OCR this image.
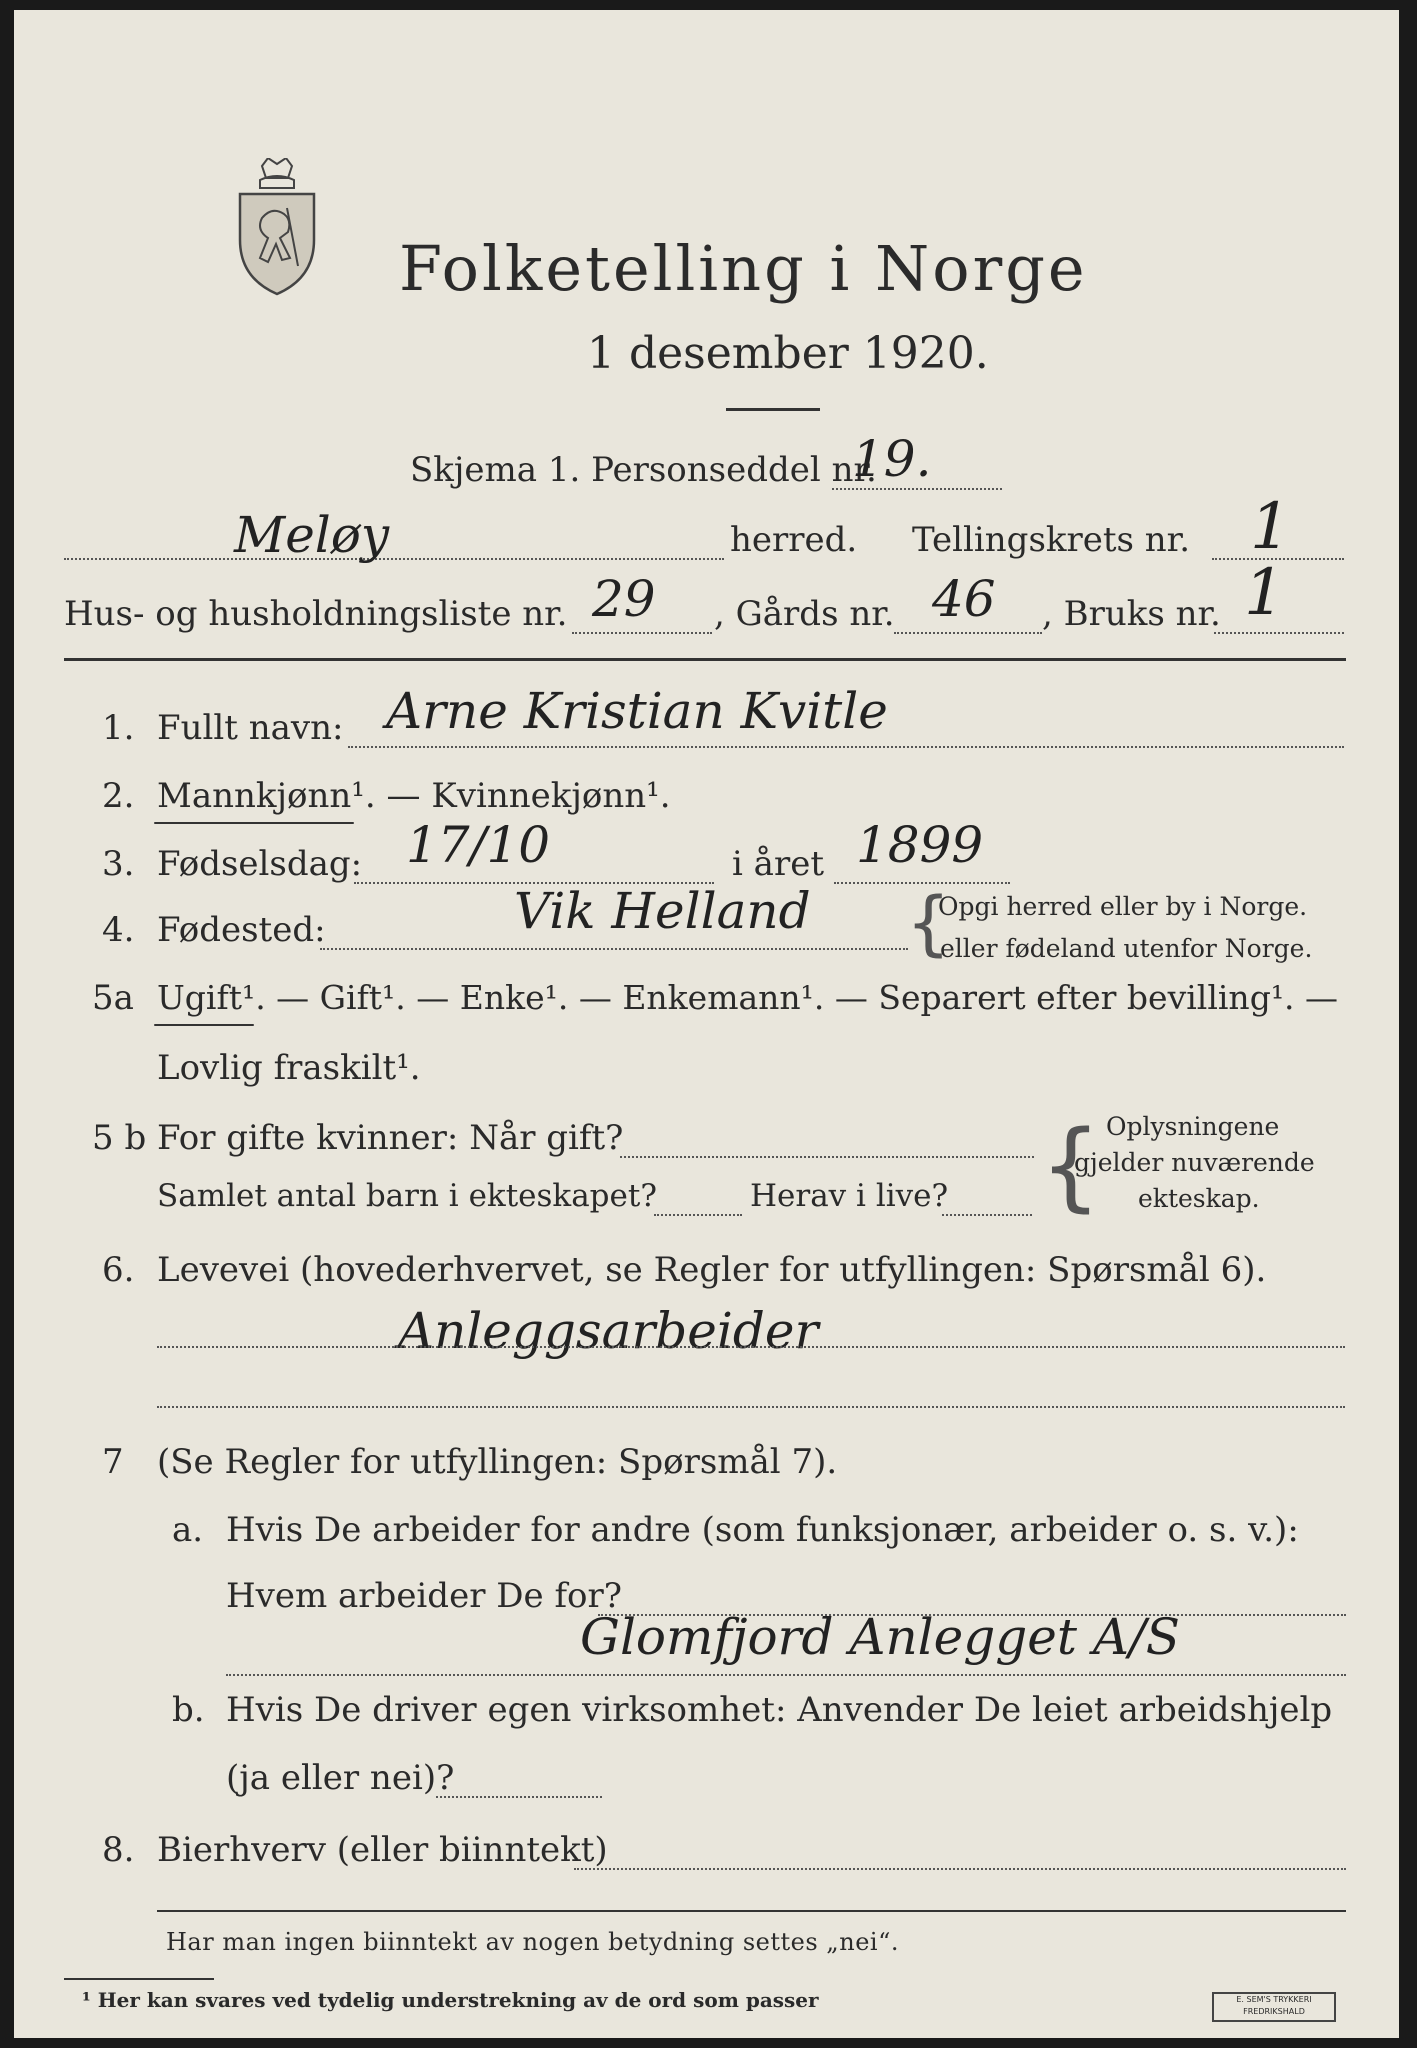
Folketelling i Norge
1 desember 1920.
Skjema 1. Personseddel nr.
19.
Meløy	herred. Tellingskrets nr. 1
Hus- og husholdningsliste nr. 29 , Gårds nr. 46 , Bruks nr. 1
1. Fullt navn: Arne Kristian Kvitle
2. Mannkjønn¹. — Kvinnekjønn¹.
3. Fødselsdag: 17/10	i året 1899
4. Fødested:	Vik Helland {
Opgi herred eller by i Norge.
eller fødeland utenfor Norge.
5a Ugift¹. — Gift¹. — Enke¹. — Enkemann¹. — Separert efter bevilling¹. —
Lovlig fraskilt¹.
5 b For gifte kvinner: Når gift?
Samlet antal barn i ekteskapet?	Herav i live? { Oplysningene
gjelder nuværende
ekteskap.
6. Levevei (hovederhvervet, se Regler for utfyllingen: Spørsmål 6).
Anleggsarbeider
7 (Se Regler for utfyllingen: Spørsmål 7).
a. Hvis De arbeider for andre (som funksjonær, arbeider o. s. v.):
Hvem arbeider De for?
Glomfjord Anlegget A/S
b. Hvis De driver egen virksomhet: Anvender De leiet arbeidshjelp
(ja eller nei)?
8. Bierhverv (eller biinntekt)
Har man ingen biinntekt av nogen betydning settes „nei“.
¹ Her kan svares ved tydelig understrekning av de ord som passer	E. SEM'S TRYKKERI FREDRIKSHALD
